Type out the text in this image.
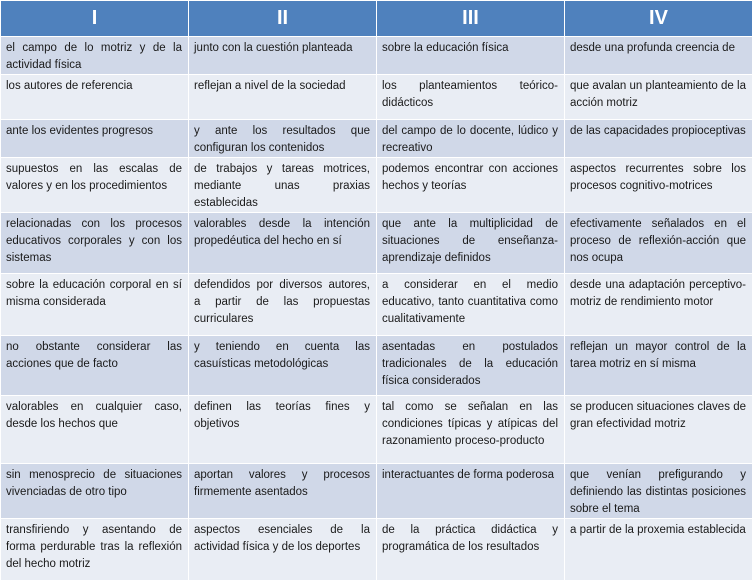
I	II	III	IV
el campo de lo motriz y de la actividad física	junto con la cuestión planteada	sobre la educación física	desde una profunda creencia de
los autores de referencia	reflejan a nivel de la sociedad	los planteamientos teórico-didácticos	que avalan un planteamiento de la acción motriz
ante los evidentes progresos	y ante los resultados que configuran los contenidos	del campo de lo docente, lúdico y recreativo	de las capacidades propioceptivas
supuestos en las escalas de valores y en los procedimientos	de trabajos y tareas motrices, mediante unas praxias establecidas	podemos encontrar con acciones hechos y teorías	aspectos recurrentes sobre los procesos cognitivo-motrices
relacionadas con los procesos educativos corporales y con los sistemas	valorables desde la intención propedéutica del hecho en sí	que ante la multiplicidad de situaciones de enseñanza-aprendizaje definidos	efectivamente señalados en el proceso de reflexión-acción que nos ocupa
sobre la educación corporal en sí misma considerada	defendidos por diversos autores, a partir de las propuestas curriculares	a considerar en el medio educativo, tanto cuantitativa como cualitativamente	desde una adaptación perceptivo-motriz de rendimiento motor
no obstante considerar las acciones que de facto	y teniendo en cuenta las casuísticas metodológicas	asentadas en postulados tradicionales de la educación física considerados	reflejan un mayor control de la tarea motriz en sí misma
valorables en cualquier caso, desde los hechos que	definen las teorías fines y objetivos	tal como se señalan en las condiciones típicas y atípicas del razonamiento proceso-producto	se producen situaciones claves de gran efectividad motriz
sin menosprecio de situaciones vivenciadas de otro tipo	aportan valores y procesos firmemente asentados	interactuantes de forma poderosa	que venían prefigurando y definiendo las distintas posiciones sobre el tema
transfiriendo y asentando de forma perdurable tras la reflexión del hecho motriz	aspectos esenciales de la actividad física y de los deportes	de la práctica didáctica y programática de los resultados	a partir de la proxemia establecida
